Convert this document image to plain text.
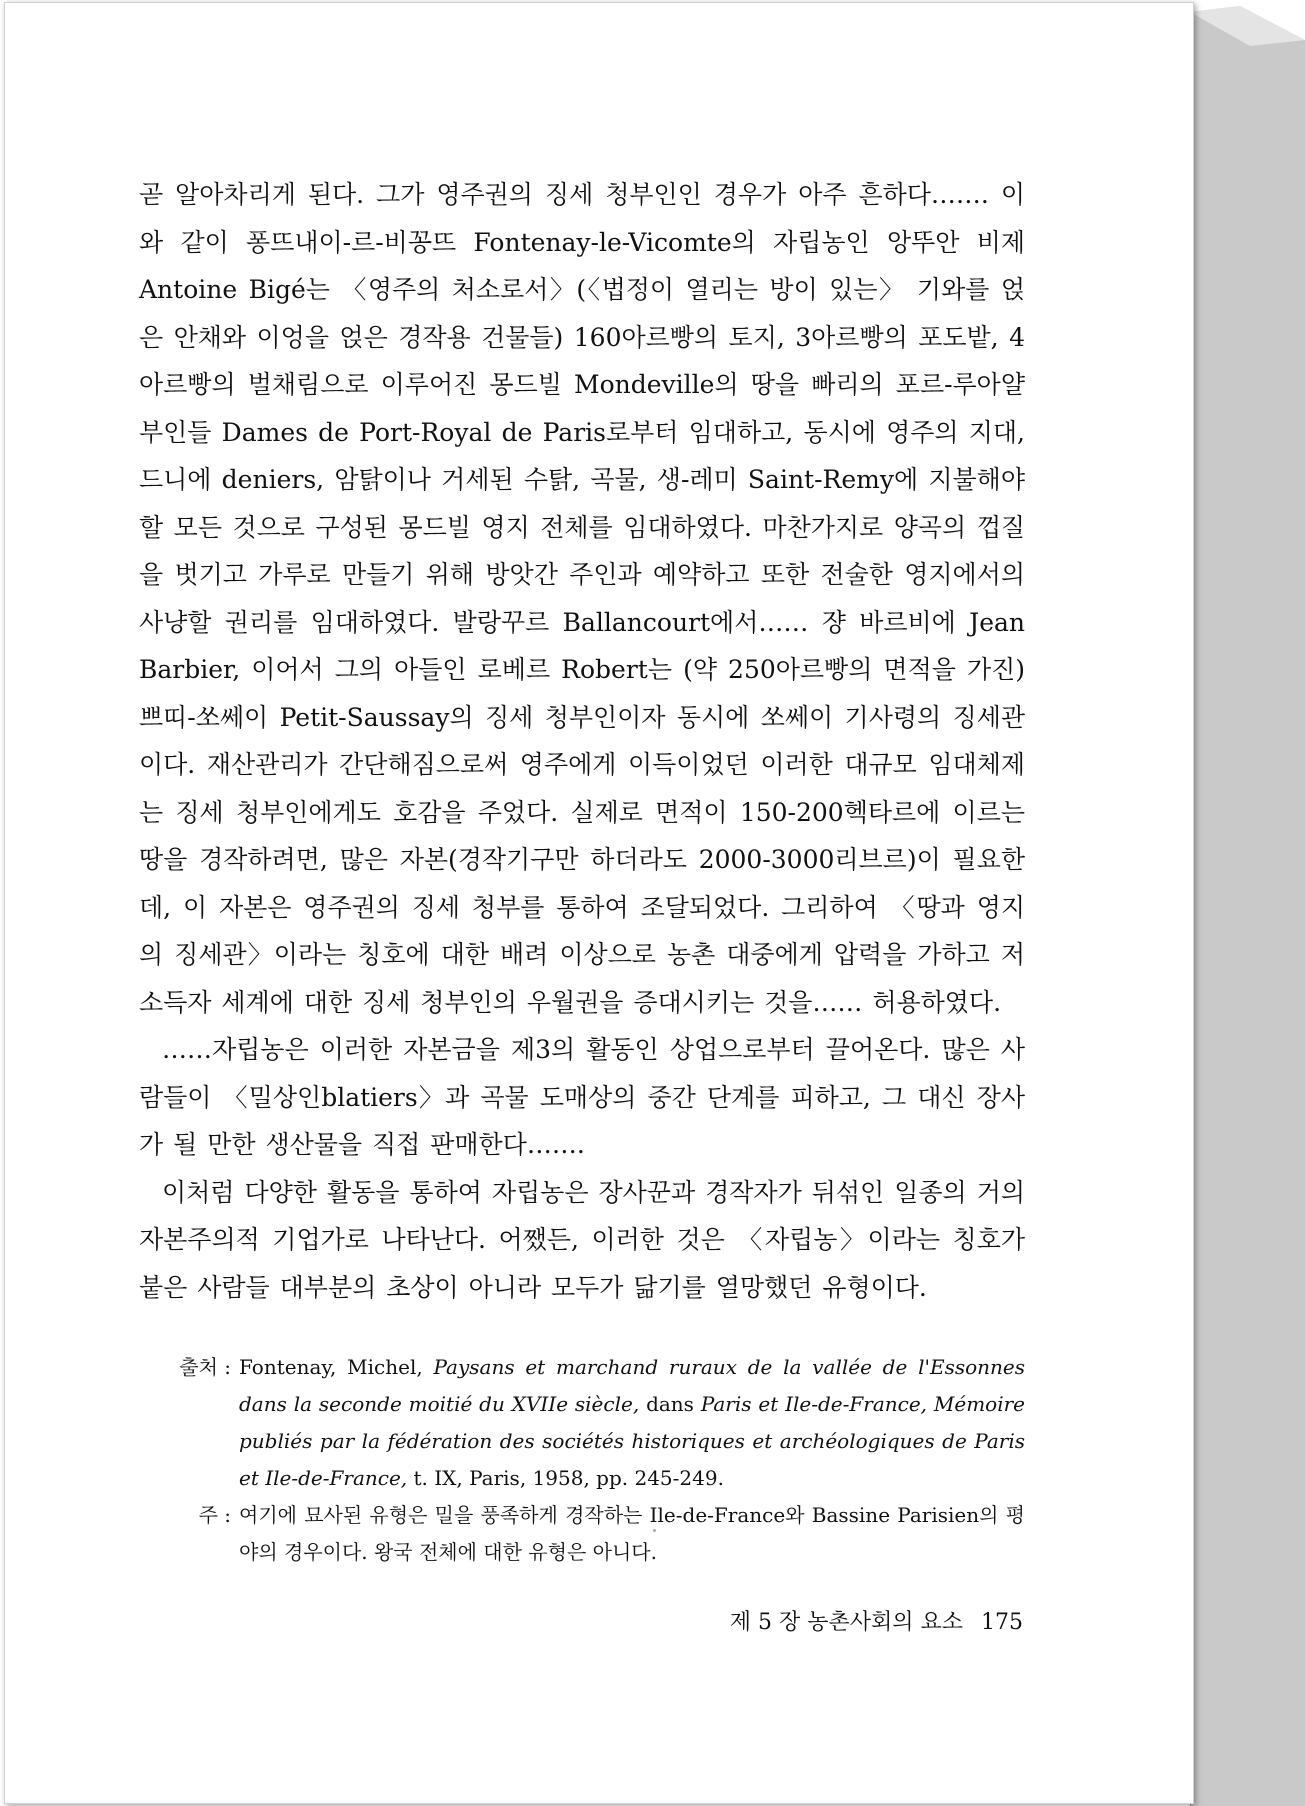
곧 알아차리게 된다. 그가 영주권의 징세 청부인인 경우가 아주 흔하다……. 이와 같이 퐁뜨내이-르-비꽁뜨 Fontenay-le-Vicomte의 자립농인 앙뚜안 비제 Antoine Bigé는 〈영주의 처소로서〉(〈법정이 열리는 방이 있는〉 기와를 얹은 안채와 이엉을 얹은 경작용 건물들) 160아르빵의 토지, 3아르빵의 포도밭, 4아르빵의 벌채림으로 이루어진 몽드빌 Mondeville의 땅을 빠리의 포르-루아얄 부인들 Dames de Port-Royal de Paris로부터 임대하고, 동시에 영주의 지대, 드니에 deniers, 암탉이나 거세된 수탉, 곡물, 생-레미 Saint-Remy에 지불해야 할 모든 것으로 구성된 몽드빌 영지 전체를 임대하였다. 마찬가지로 양곡의 껍질을 벗기고 가루로 만들기 위해 방앗간 주인과 예약하고 또한 전술한 영지에서의 사냥할 권리를 임대하였다. 발랑꾸르 Ballancourt에서…… 쟝 바르비에 Jean Barbier, 이어서 그의 아들인 로베르 Robert는 (약 250아르빵의 면적을 가진) 쁘띠-쏘쎄이 Petit-Saussay의 징세 청부인이자 동시에 쏘쎄이 기사령의 징세관이다. 재산관리가 간단해짐으로써 영주에게 이득이었던 이러한 대규모 임대체제는 징세 청부인에게도 호감을 주었다. 실제로 면적이 150-200헥타르에 이르는 땅을 경작하려면, 많은 자본(경작기구만 하더라도 2000-3000리브르)이 필요한데, 이 자본은 영주권의 징세 청부를 통하여 조달되었다. 그리하여 〈땅과 영지의 징세관〉이라는 칭호에 대한 배려 이상으로 농촌 대중에게 압력을 가하고 저소득자 세계에 대한 징세 청부인의 우월권을 증대시키는 것을…… 허용하였다.

……자립농은 이러한 자본금을 제3의 활동인 상업으로부터 끌어온다. 많은 사람들이 〈밀상인blatiers〉과 곡물 도매상의 중간 단계를 피하고, 그 대신 장사가 될 만한 생산물을 직접 판매한다…….

이처럼 다양한 활동을 통하여 자립농은 장사꾼과 경작자가 뒤섞인 일종의 거의 자본주의적 기업가로 나타난다. 어쨌든, 이러한 것은 〈자립농〉이라는 칭호가 붙은 사람들 대부분의 초상이 아니라 모두가 닮기를 열망했던 유형이다.

출처 : Fontenay, Michel, Paysans et marchand ruraux de la vallée de l'Essonnes dans la seconde moitié du XVIIe siècle, dans Paris et Ile-de-France, Mémoire publiés par la fédération des sociétés historiques et archéologiques de Paris et Ile-de-France, t. IX, Paris, 1958, pp. 245-249.
주 : 여기에 묘사된 유형은 밀을 풍족하게 경작하는 Ile-de-France와 Bassine Parisien의 평야의 경우이다. 왕국 전체에 대한 유형은 아니다.
제 5 장 농촌사회의 요소 175
